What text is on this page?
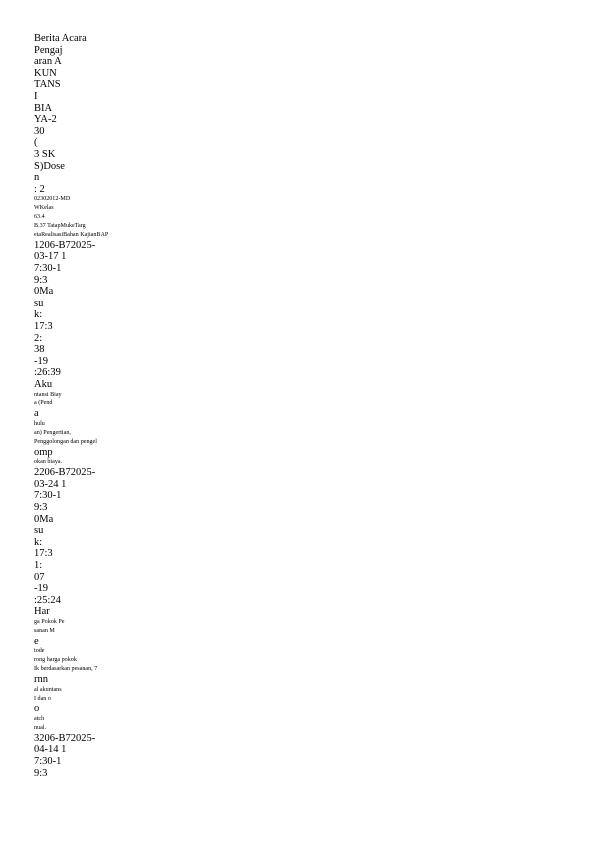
Berita Acara
Pengaj
aran A
KUN
TANS
I
BIA
YA-2
30
(
3 SK
S)Dose
n
: 2
02302012-MD
WKelas
63.4
B.37 TatapMukeTarg
etaRealisasiBahan KajianBAP
1206-B72025-
03-17 1
7:30-1
9:3
0Ma
su
k:
17:3
2:
38
-19
:26:39
Aku
ntansi Biay
a (Pend
a
hulu
an) Pengertian,
Penggolongan dan pengel
omp
okan biaya.
2206-B72025-
03-24 1
7:30-1
9:3
0Ma
su
k:
17:3
1:
07
-19
:25:24
Har
ga Pokok Pe
sanan M
e
tode
rong harga pokok
Ik berdasarkan pesanan, 7
rnn
al akuntans
I dan o
o
atch
nual.
3206-B72025-
04-14 1
7:30-1
9:3
